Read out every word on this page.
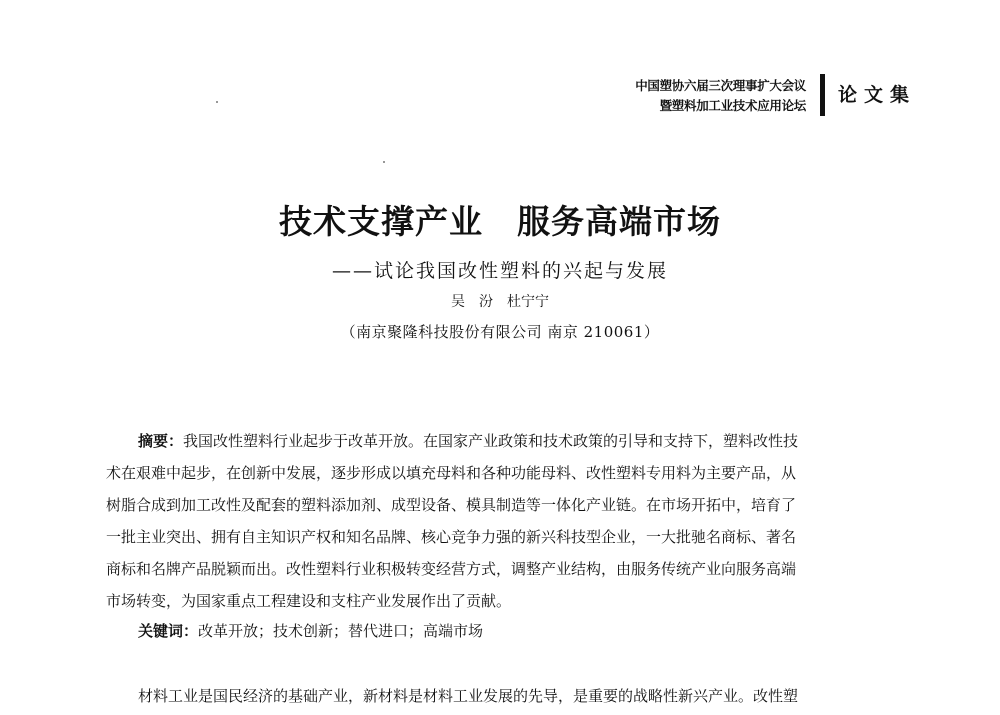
中国塑协六届三次理事扩大会议
暨塑料加工业技术应用论坛 论文集
技术支撑产业　服务高端市场
——试论我国改性塑料的兴起与发展
吴　汾　杜宁宁
（南京聚隆科技股份有限公司 南京 210061）
摘要：我国改性塑料行业起步于改革开放。在国家产业政策和技术政策的引导和支持下，塑料改性技
术在艰难中起步，在创新中发展，逐步形成以填充母料和各种功能母料、改性塑料专用料为主要产品，从
树脂合成到加工改性及配套的塑料添加剂、成型设备、模具制造等一体化产业链。在市场开拓中，培育了
一批主业突出、拥有自主知识产权和知名品牌、核心竞争力强的新兴科技型企业，一大批驰名商标、著名
商标和名牌产品脱颖而出。改性塑料行业积极转变经营方式，调整产业结构，由服务传统产业向服务高端
市场转变，为国家重点工程建设和支柱产业发展作出了贡献。
关键词：改革开放；技术创新；替代进口；高端市场
材料工业是国民经济的基础产业，新材料是材料工业发展的先导，是重要的战略性新兴产业。改性塑
